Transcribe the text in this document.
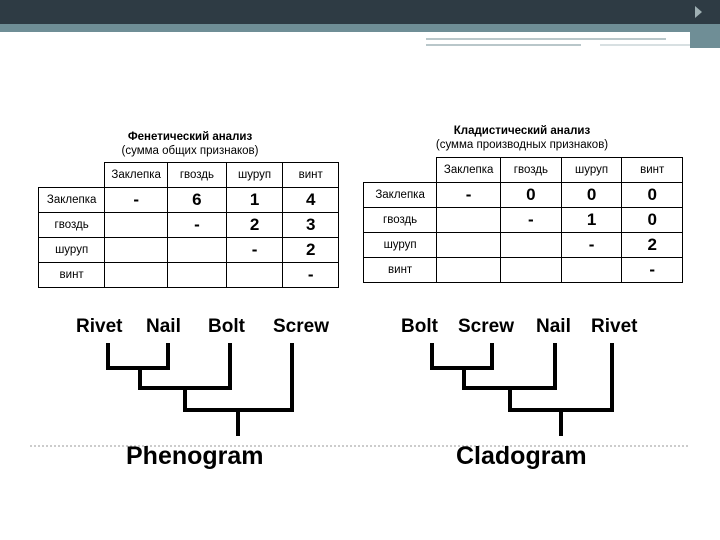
Фенетический анализ
(сумма общих признаков)
	Заклепка	гвоздь	шуруп	винт
Заклепка	-	6	1	4
гвоздь		-	2	3
шуруп			-	2
винт				-
Кладистический анализ
(сумма производных признаков)
	Заклепка	гвоздь	шуруп	винт
Заклепка	-	0	0	0
гвоздь		-	1	0
шуруп			-	2
винт				-
Rivet Nail Bolt Screw	Bolt Screw Nail Rivet
Phenogram	Cladogram
